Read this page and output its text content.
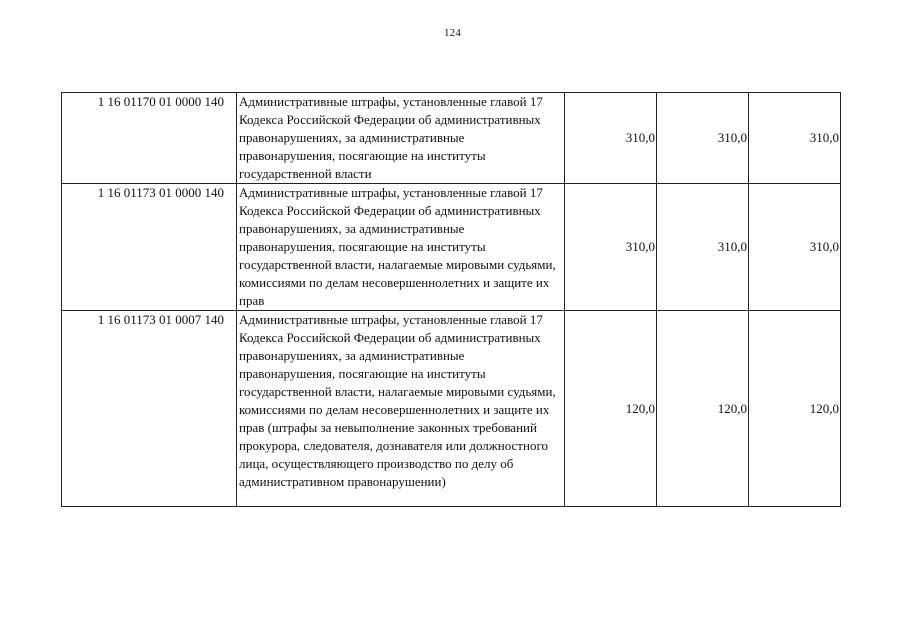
124
1 16 01170 01 0000 140	Административные штрафы, установленные главой 17 Кодекса Российской Федерации об административных правонарушениях, за административные правонарушения, посягающие на институты государственной власти	310,0	310,0	310,0
1 16 01173 01 0000 140	Административные штрафы, установленные главой 17 Кодекса Российской Федерации об административных правонарушениях, за административные правонарушения, посягающие на институты государственной власти, налагаемые мировыми судьями, комиссиями по делам несовершеннолетних и защите их прав	310,0	310,0	310,0
1 16 01173 01 0007 140	Административные штрафы, установленные главой 17 Кодекса Российской Федерации об административных правонарушениях, за административные правонарушения, посягающие на институты государственной власти, налагаемые мировыми судьями, комиссиями по делам несовершеннолетних и защите их прав (штрафы за невыполнение законных требований прокурора, следователя, дознавателя или должностного лица, осуществляющего производство по делу об административном правонарушении)	120,0	120,0	120,0
